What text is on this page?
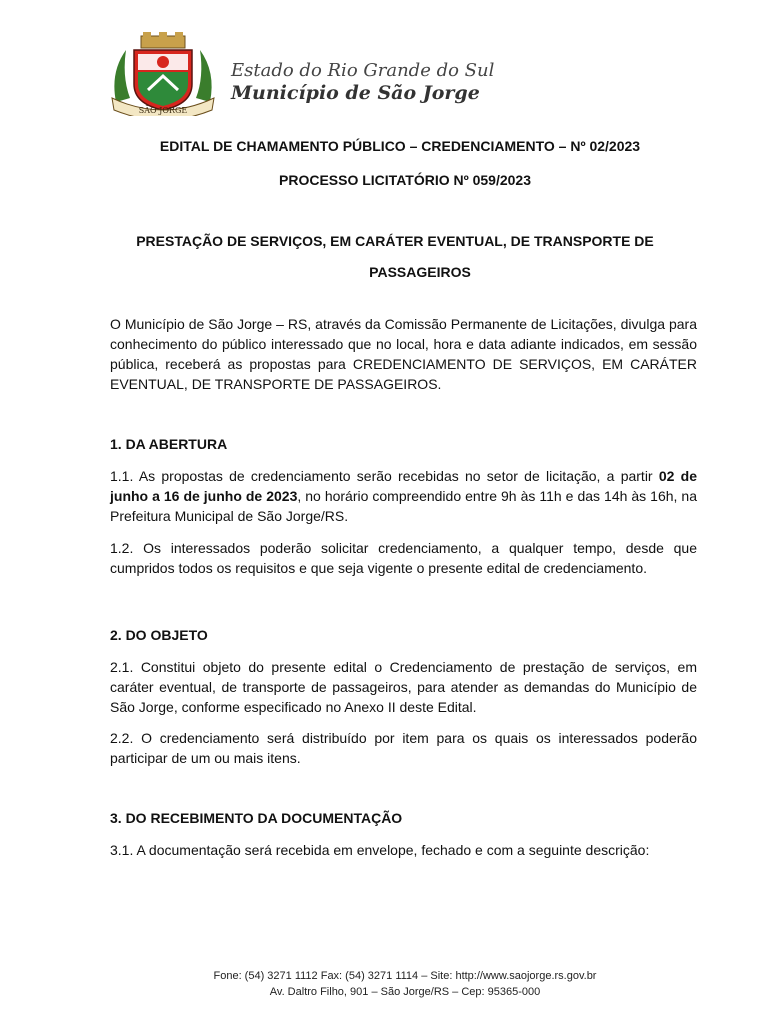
SÃO JORGE
Estado do Rio Grande do Sul
Município de São Jorge
EDITAL DE CHAMAMENTO PÚBLICO – CREDENCIAMENTO – Nº 02/2023
PROCESSO LICITATÓRIO Nº 059/2023
PRESTAÇÃO DE SERVIÇOS, EM CARÁTER EVENTUAL, DE TRANSPORTE DE
PASSAGEIROS
O Município de São Jorge – RS, através da Comissão Permanente de Licitações, divulga para conhecimento do público interessado que no local, hora e data adiante indicados, em sessão pública, receberá as propostas para CREDENCIAMENTO DE SERVIÇOS, EM CARÁTER EVENTUAL, DE TRANSPORTE DE PASSAGEIROS.
1. DA ABERTURA
1.1. As propostas de credenciamento serão recebidas no setor de licitação, a partir 02 de junho a 16 de junho de 2023, no horário compreendido entre 9h às 11h e das 14h às 16h, na Prefeitura Municipal de São Jorge/RS.
1.2. Os interessados poderão solicitar credenciamento, a qualquer tempo, desde que cumpridos todos os requisitos e que seja vigente o presente edital de credenciamento.
2. DO OBJETO
2.1. Constitui objeto do presente edital o Credenciamento de prestação de serviços, em caráter eventual, de transporte de passageiros, para atender as demandas do Município de São Jorge, conforme especificado no Anexo II deste Edital.
2.2. O credenciamento será distribuído por item para os quais os interessados poderão participar de um ou mais itens.
3. DO RECEBIMENTO DA DOCUMENTAÇÃO
3.1. A documentação será recebida em envelope, fechado e com a seguinte descrição:
Fone: (54) 3271 1112 Fax: (54) 3271 1114 – Site: http://www.saojorge.rs.gov.br
Av. Daltro Filho, 901 – São Jorge/RS – Cep: 95365-000
